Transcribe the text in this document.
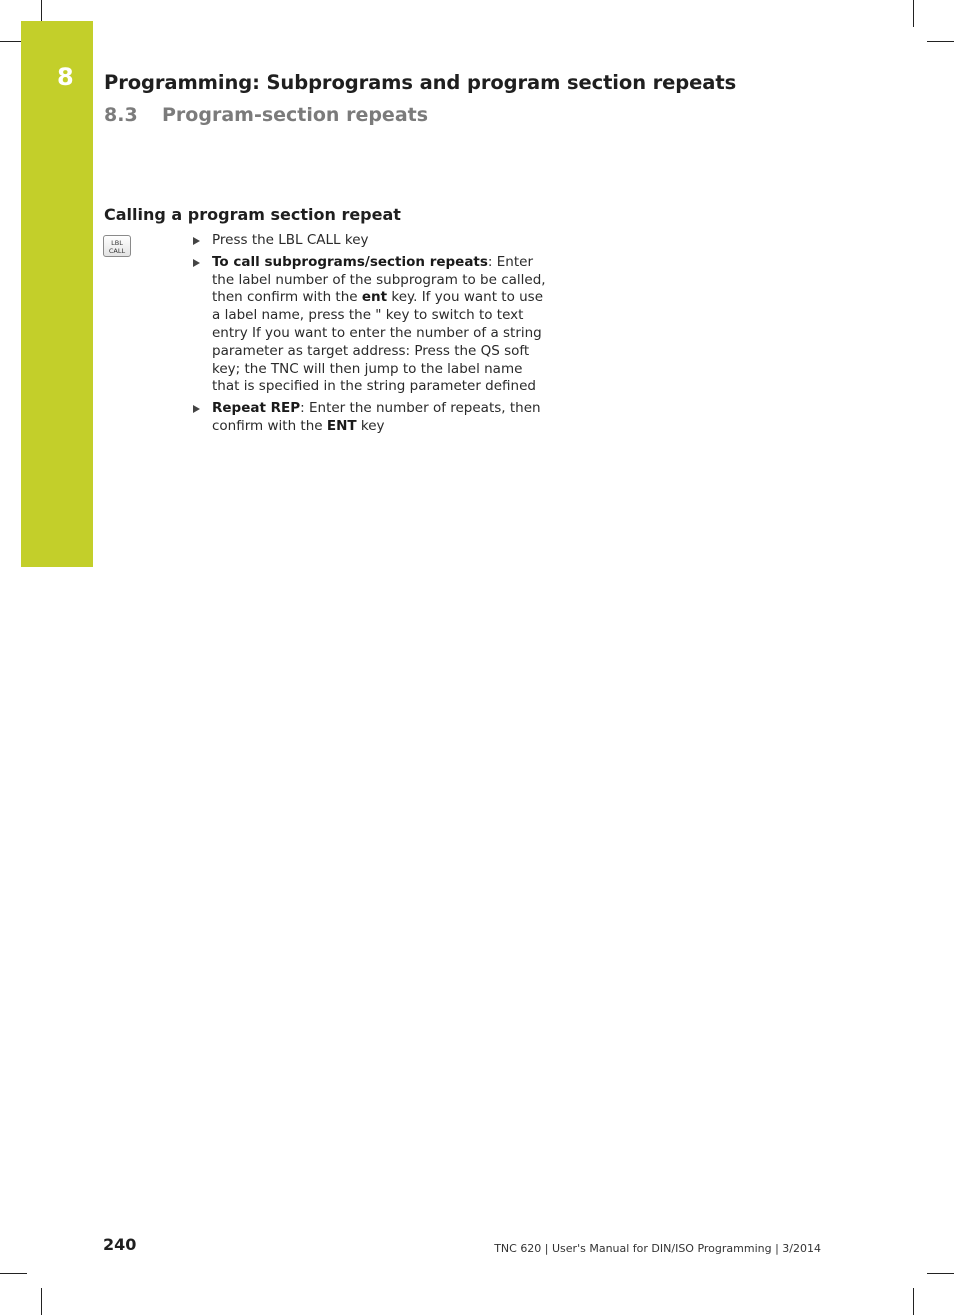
8	Programming: Subprograms and program section repeats
8.3 Program-section repeats
Calling a program section repeat
LBL
CALL
Press the LBL CALL key
To call subprograms/section repeats: Enter the label number of the subprogram to be called, then confirm with the ent key. If you want to use a label name, press the " key to switch to text entry If you want to enter the number of a string parameter as target address: Press the QS soft key; the TNC will then jump to the label name that is specified in the string parameter defined
Repeat REP: Enter the number of repeats, then confirm with the ENT key
240	TNC 620 | User's Manual for DIN/ISO Programming | 3/2014
